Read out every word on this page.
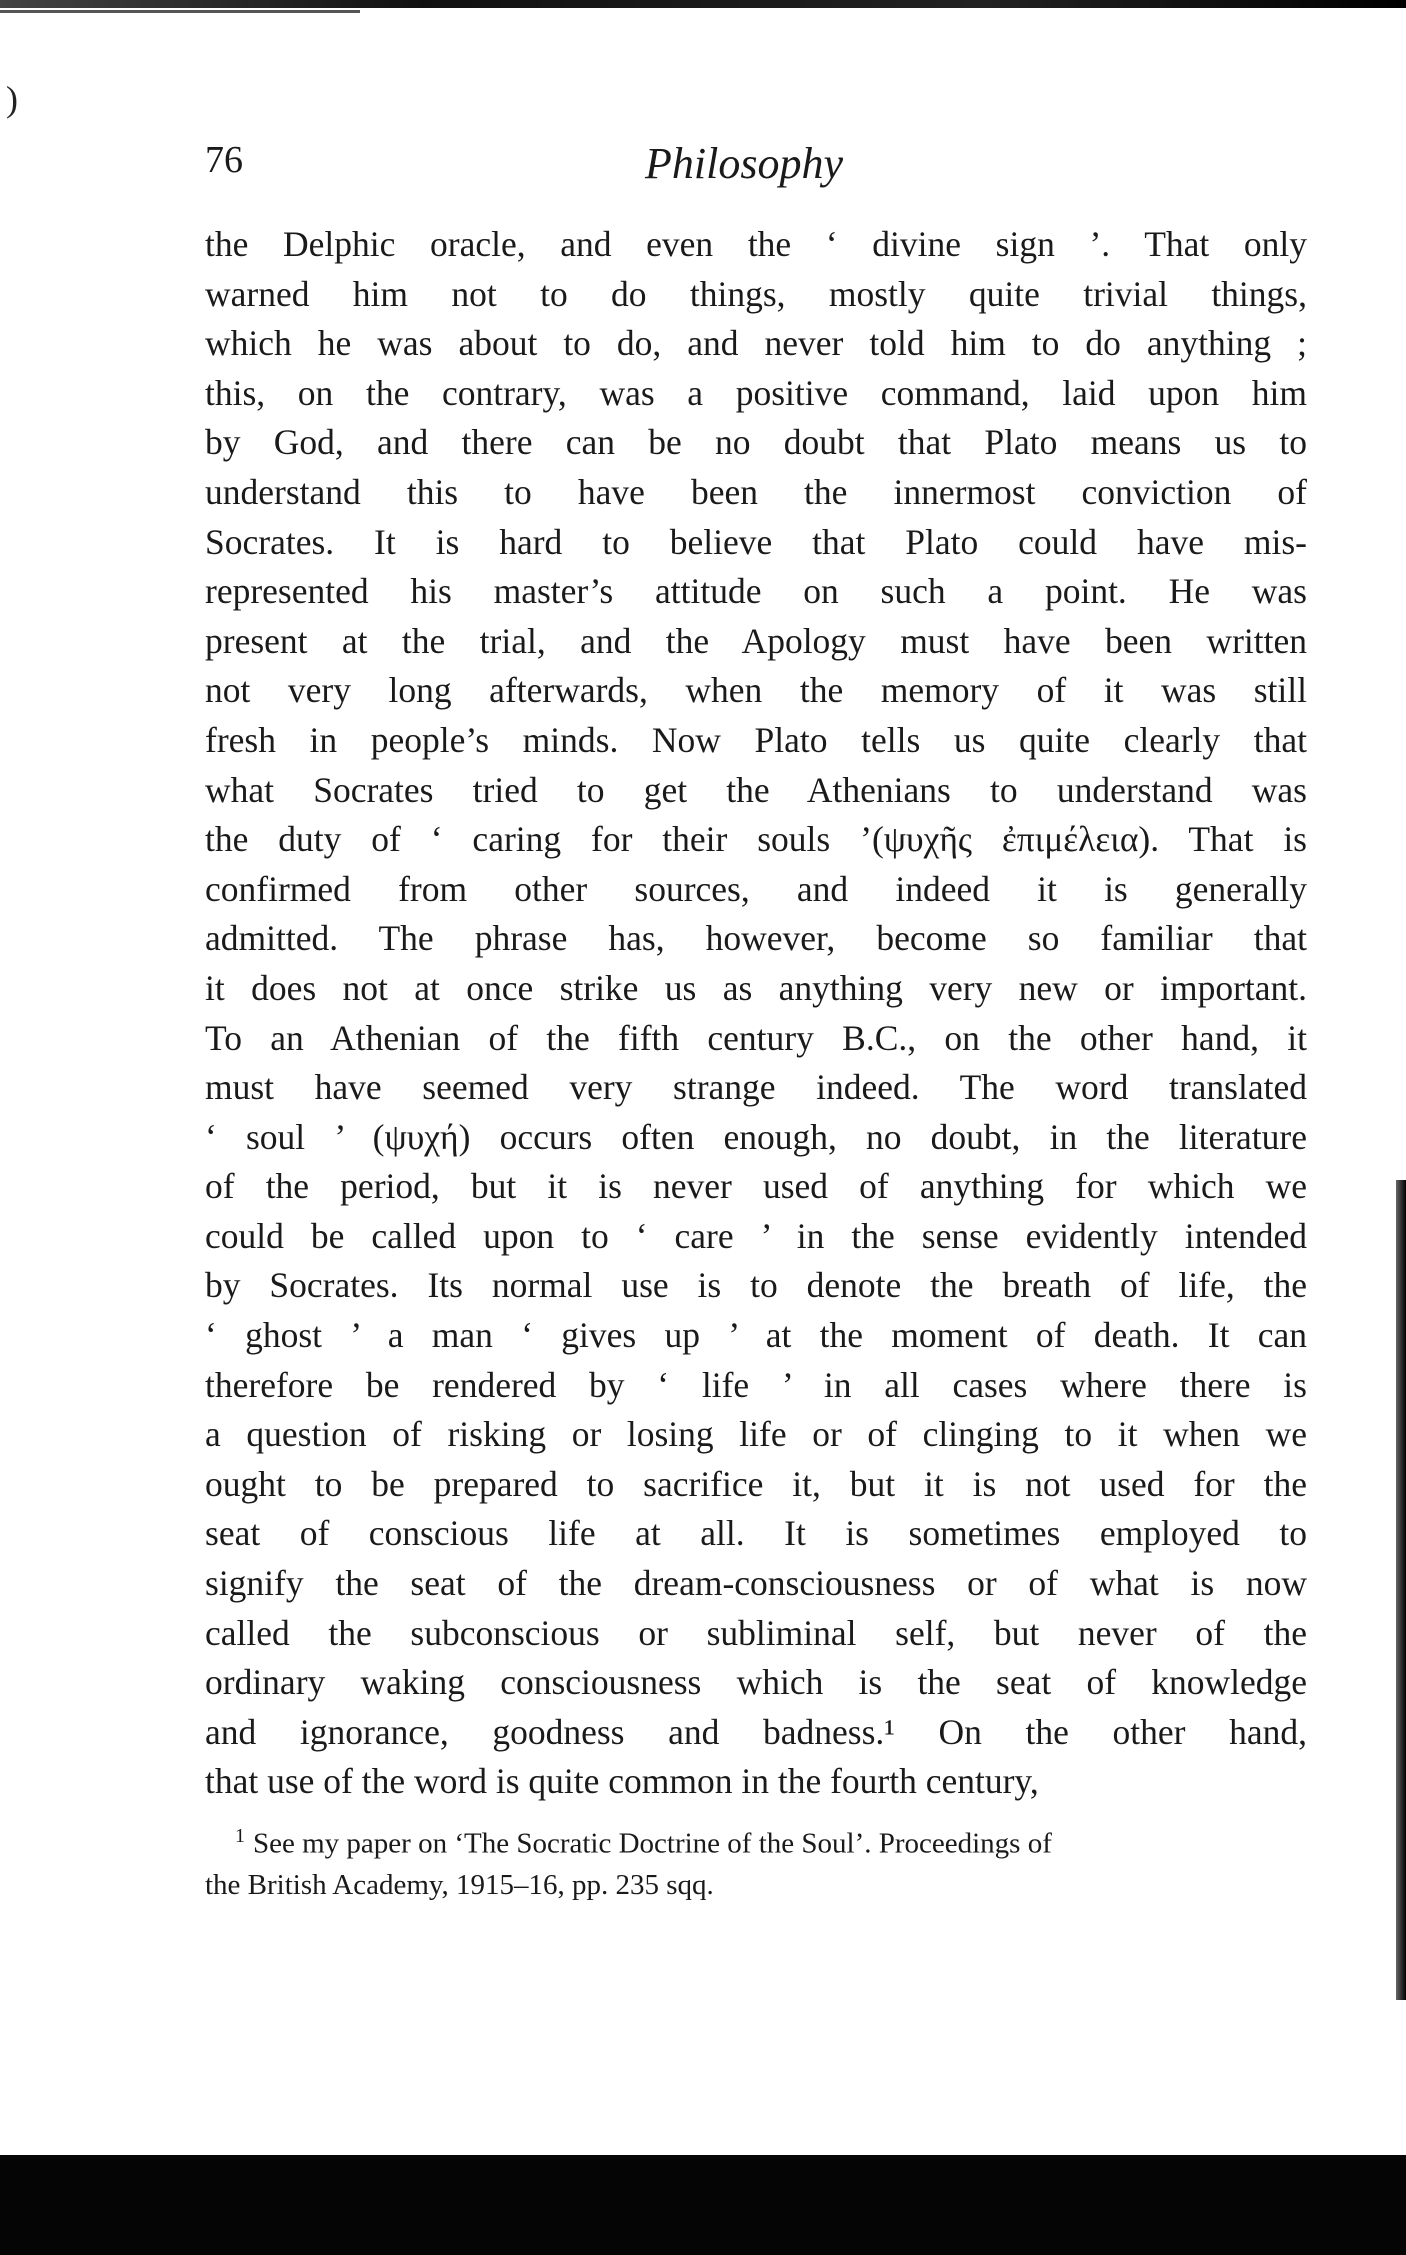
)
76	Philosophy
the Delphic oracle, and even the ‘ divine sign ’. That only
warned him not to do things, mostly quite trivial things,
which he was about to do, and never told him to do anything ;
this, on the contrary, was a positive command, laid upon him
by God, and there can be no doubt that Plato means us to
understand this to have been the innermost conviction of
Socrates. It is hard to believe that Plato could have mis-
represented his master’s attitude on such a point. He was
present at the trial, and the Apology must have been written
not very long afterwards, when the memory of it was still
fresh in people’s minds. Now Plato tells us quite clearly that
what Socrates tried to get the Athenians to understand was
the duty of ‘ caring for their souls ’(ψυχῆς ἐπιμέλεια). That is
confirmed from other sources, and indeed it is generally
admitted. The phrase has, however, become so familiar that
it does not at once strike us as anything very new or important.
To an Athenian of the fifth century B.C., on the other hand, it
must have seemed very strange indeed. The word translated
‘ soul ’ (ψυχή) occurs often enough, no doubt, in the literature
of the period, but it is never used of anything for which we
could be called upon to ‘ care ’ in the sense evidently intended
by Socrates. Its normal use is to denote the breath of life, the
‘ ghost ’ a man ‘ gives up ’ at the moment of death. It can
therefore be rendered by ‘ life ’ in all cases where there is
a question of risking or losing life or of clinging to it when we
ought to be prepared to sacrifice it, but it is not used for the
seat of conscious life at all. It is sometimes employed to
signify the seat of the dream-consciousness or of what is now
called the subconscious or subliminal self, but never of the
ordinary waking consciousness which is the seat of knowledge
and ignorance, goodness and badness.¹ On the other hand,
that use of the word is quite common in the fourth century,
$^1$ See my paper on ‘The Socratic Doctrine of the Soul’. Proceedings of
the British Academy, 1915–16, pp. 235 sqq.
